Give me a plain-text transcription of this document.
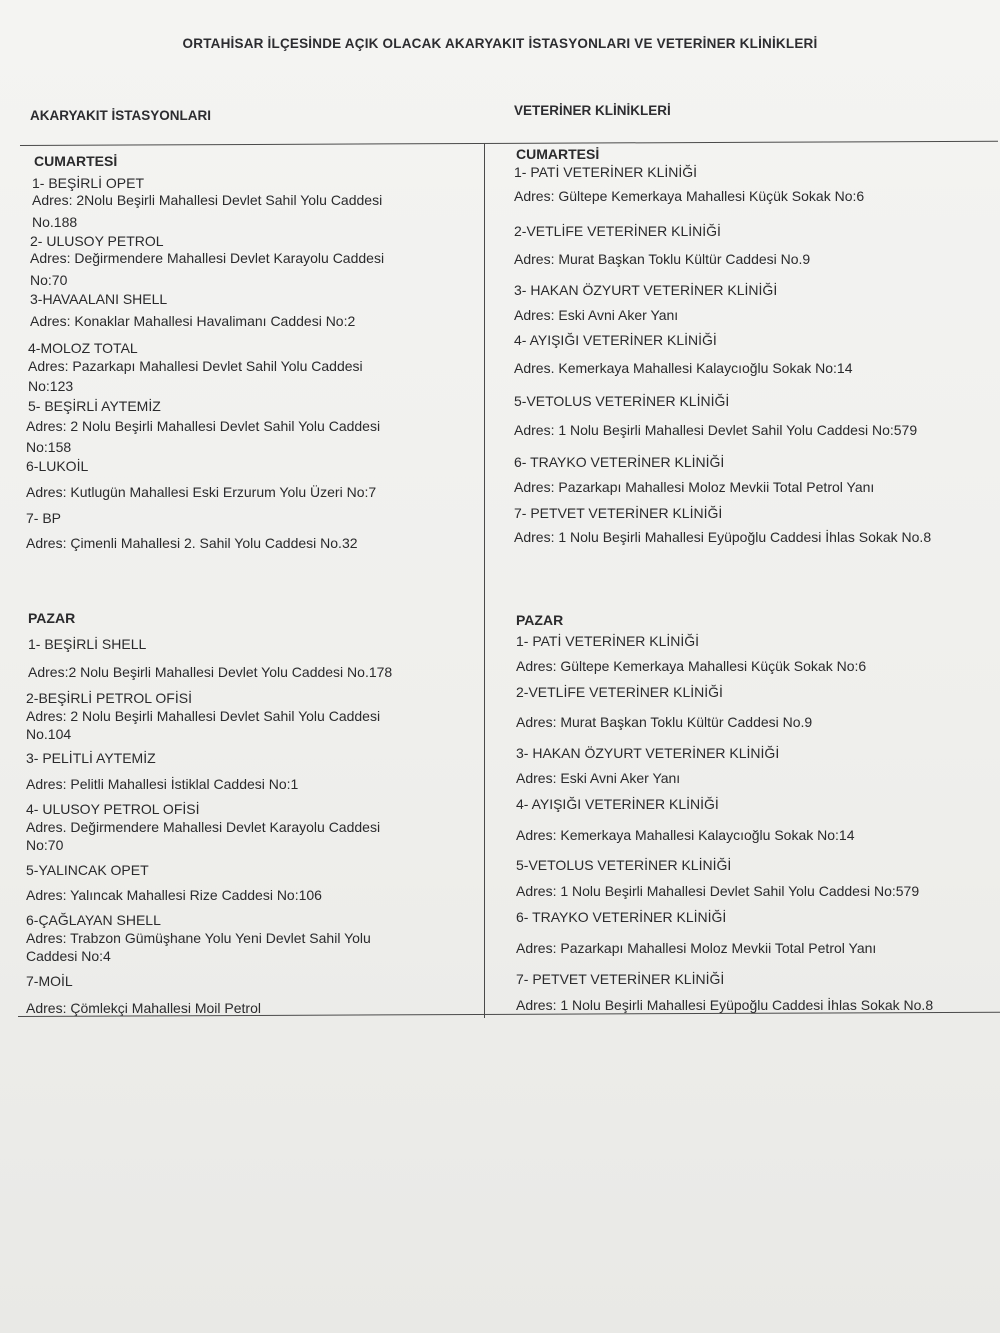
ORTAHİSAR İLÇESİNDE AÇIK OLACAK AKARYAKIT İSTASYONLARI VE VETERİNER KLİNİKLERİ
AKARYAKIT İSTASYONLARI	VETERİNER KLİNİKLERİ
CUMARTESİ
1- BEŞİRLİ OPET
Adres: 2Nolu Beşirli Mahallesi Devlet Sahil Yolu Caddesi
No.188
2- ULUSOY PETROL
Adres: Değirmendere Mahallesi Devlet Karayolu Caddesi
No:70
3-HAVAALANI SHELL
Adres: Konaklar Mahallesi Havalimanı Caddesi No:2
4-MOLOZ TOTAL
Adres: Pazarkapı Mahallesi Devlet Sahil Yolu Caddesi
No:123
5- BEŞİRLİ AYTEMİZ
Adres: 2 Nolu Beşirli Mahallesi Devlet Sahil Yolu Caddesi
No:158
6-LUKOİL
Adres: Kutlugün Mahallesi Eski Erzurum Yolu Üzeri No:7
7- BP
Adres: Çimenli Mahallesi 2. Sahil Yolu Caddesi No.32
PAZAR
1- BEŞİRLİ SHELL
Adres:2 Nolu Beşirli Mahallesi Devlet Yolu Caddesi No.178
2-BEŞİRLİ PETROL OFİSİ
Adres: 2 Nolu Beşirli Mahallesi Devlet Sahil Yolu Caddesi
No.104
3- PELİTLİ AYTEMİZ
Adres: Pelitli Mahallesi İstiklal Caddesi No:1
4- ULUSOY PETROL OFİSİ
Adres. Değirmendere Mahallesi Devlet Karayolu Caddesi
No:70
5-YALINCAK OPET
Adres: Yalıncak Mahallesi Rize Caddesi No:106
6-ÇAĞLAYAN SHELL
Adres: Trabzon Gümüşhane Yolu Yeni Devlet Sahil Yolu
Caddesi No:4
7-MOİL
Adres: Çömlekçi Mahallesi Moil Petrol
CUMARTESİ
1- PATİ VETERİNER KLİNİĞİ
Adres: Gültepe Kemerkaya Mahallesi Küçük Sokak No:6
2-VETLİFE VETERİNER KLİNİĞİ
Adres: Murat Başkan Toklu Kültür Caddesi No.9
3- HAKAN ÖZYURT VETERİNER KLİNİĞİ
Adres: Eski Avni Aker Yanı
4- AYIŞIĞI VETERİNER KLİNİĞİ
Adres. Kemerkaya Mahallesi Kalaycıoğlu Sokak No:14
5-VETOLUS VETERİNER KLİNİĞİ
Adres: 1 Nolu Beşirli Mahallesi Devlet Sahil Yolu Caddesi No:579
6- TRAYKO VETERİNER KLİNİĞİ
Adres: Pazarkapı Mahallesi Moloz Mevkii Total Petrol Yanı
7- PETVET VETERİNER KLİNİĞİ
Adres: 1 Nolu Beşirli Mahallesi Eyüpoğlu Caddesi İhlas Sokak No.8
PAZAR
1- PATİ VETERİNER KLİNİĞİ
Adres: Gültepe Kemerkaya Mahallesi Küçük Sokak No:6
2-VETLİFE VETERİNER KLİNİĞİ
Adres: Murat Başkan Toklu Kültür Caddesi No.9
3- HAKAN ÖZYURT VETERİNER KLİNİĞİ
Adres: Eski Avni Aker Yanı
4- AYIŞIĞI VETERİNER KLİNİĞİ
Adres: Kemerkaya Mahallesi Kalaycıoğlu Sokak No:14
5-VETOLUS VETERİNER KLİNİĞİ
Adres: 1 Nolu Beşirli Mahallesi Devlet Sahil Yolu Caddesi No:579
6- TRAYKO VETERİNER KLİNİĞİ
Adres: Pazarkapı Mahallesi Moloz Mevkii Total Petrol Yanı
7- PETVET VETERİNER KLİNİĞİ
Adres: 1 Nolu Beşirli Mahallesi Eyüpoğlu Caddesi İhlas Sokak No.8
